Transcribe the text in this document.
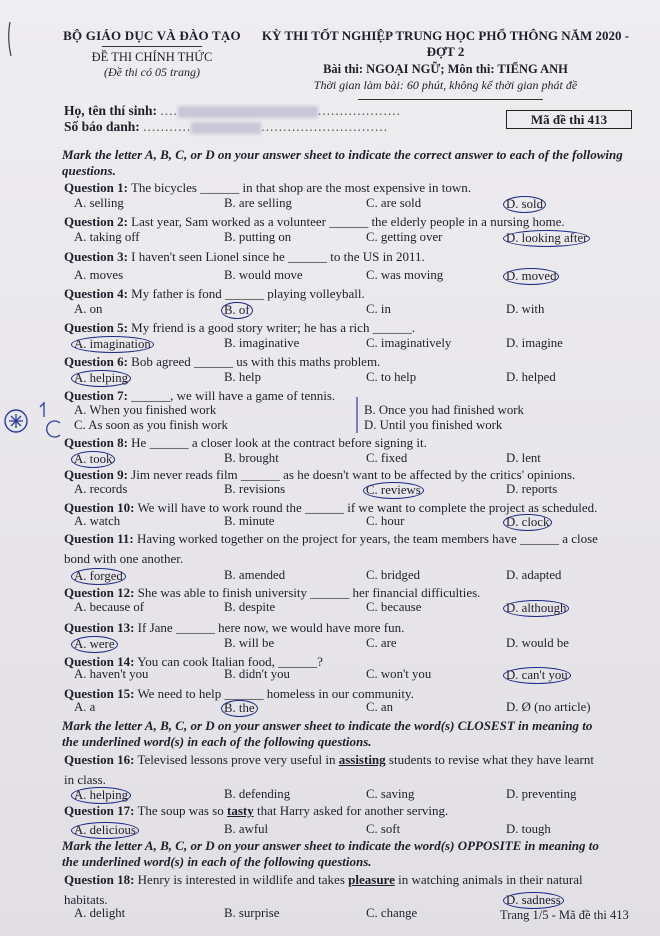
BỘ GIÁO DỤC VÀ ĐÀO TẠO
ĐỀ THI CHÍNH THỨC
(Đề thi có 05 trang)
KỲ THI TỐT NGHIỆP TRUNG HỌC PHỔ THÔNG NĂM 2020 - ĐỢT 2
Bài thi: NGOẠI NGỮ; Môn thi: TIẾNG ANH
Thời gian làm bài: 60 phút, không kể thời gian phát đề
Họ, tên thí sinh: ....	...................
Số báo danh: ...........	.............................	Mã đề thi 413
Mark the letter A, B, C, or D on your answer sheet to indicate the correct answer to each of the following questions.
Question 1: The bicycles ______ in that shop are the most expensive in town.
A. selling	B. are selling	C. are sold	D. sold
Question 2: Last year, Sam worked as a volunteer ______ the elderly people in a nursing home.
A. taking off	B. putting on	C. getting over	D. looking after
Question 3: I haven't seen Lionel since he ______ to the US in 2011.
A. moves	B. would move	C. was moving	D. moved
Question 4: My father is fond ______ playing volleyball.
A. on	B. of	C. in	D. with
Question 5: My friend is a good story writer; he has a rich ______.
A. imagination	B. imaginative	C. imaginatively	D. imagine
Question 6: Bob agreed ______ us with this maths problem.
A. helping	B. help	C. to help	D. helped
Question 7: ______, we will have a game of tennis.
A. When you finished work	B. Once you had finished work
C. As soon as you finish work	D. Until you finished work
Question 8: He ______ a closer look at the contract before signing it.
A. took	B. brought	C. fixed	D. lent
Question 9: Jim never reads film ______ as he doesn't want to be affected by the critics' opinions.
A. records	B. revisions	C. reviews	D. reports
Question 10: We will have to work round the ______ if we want to complete the project as scheduled.
A. watch	B. minute	C. hour	D. clock
Question 11: Having worked together on the project for years, the team members have ______ a close
bond with one another.
A. forged	B. amended	C. bridged	D. adapted
Question 12: She was able to finish university ______ her financial difficulties.
A. because of	B. despite	C. because	D. although
Question 13: If Jane ______ here now, we would have more fun.
A. were	B. will be	C. are	D. would be
Question 14: You can cook Italian food, ______?
A. haven't you	B. didn't you	C. won't you	D. can't you
Question 15: We need to help ______ homeless in our community.
A. a	B. the	C. an	D. Ø (no article)
Mark the letter A, B, C, or D on your answer sheet to indicate the word(s) CLOSEST in meaning to
the underlined word(s) in each of the following questions.
Question 16: Televised lessons prove very useful in assisting students to revise what they have learnt
in class.
A. helping	B. defending	C. saving	D. preventing
Question 17: The soup was so tasty that Harry asked for another serving.
A. delicious	B. awful	C. soft	D. tough
Mark the letter A, B, C, or D on your answer sheet to indicate the word(s) OPPOSITE in meaning to
the underlined word(s) in each of the following questions.
Question 18: Henry is interested in wildlife and takes pleasure in watching animals in their natural
habitats.
A. delight	B. surprise	C. change
D. sadness
Trang 1/5 - Mã đề thi 413
